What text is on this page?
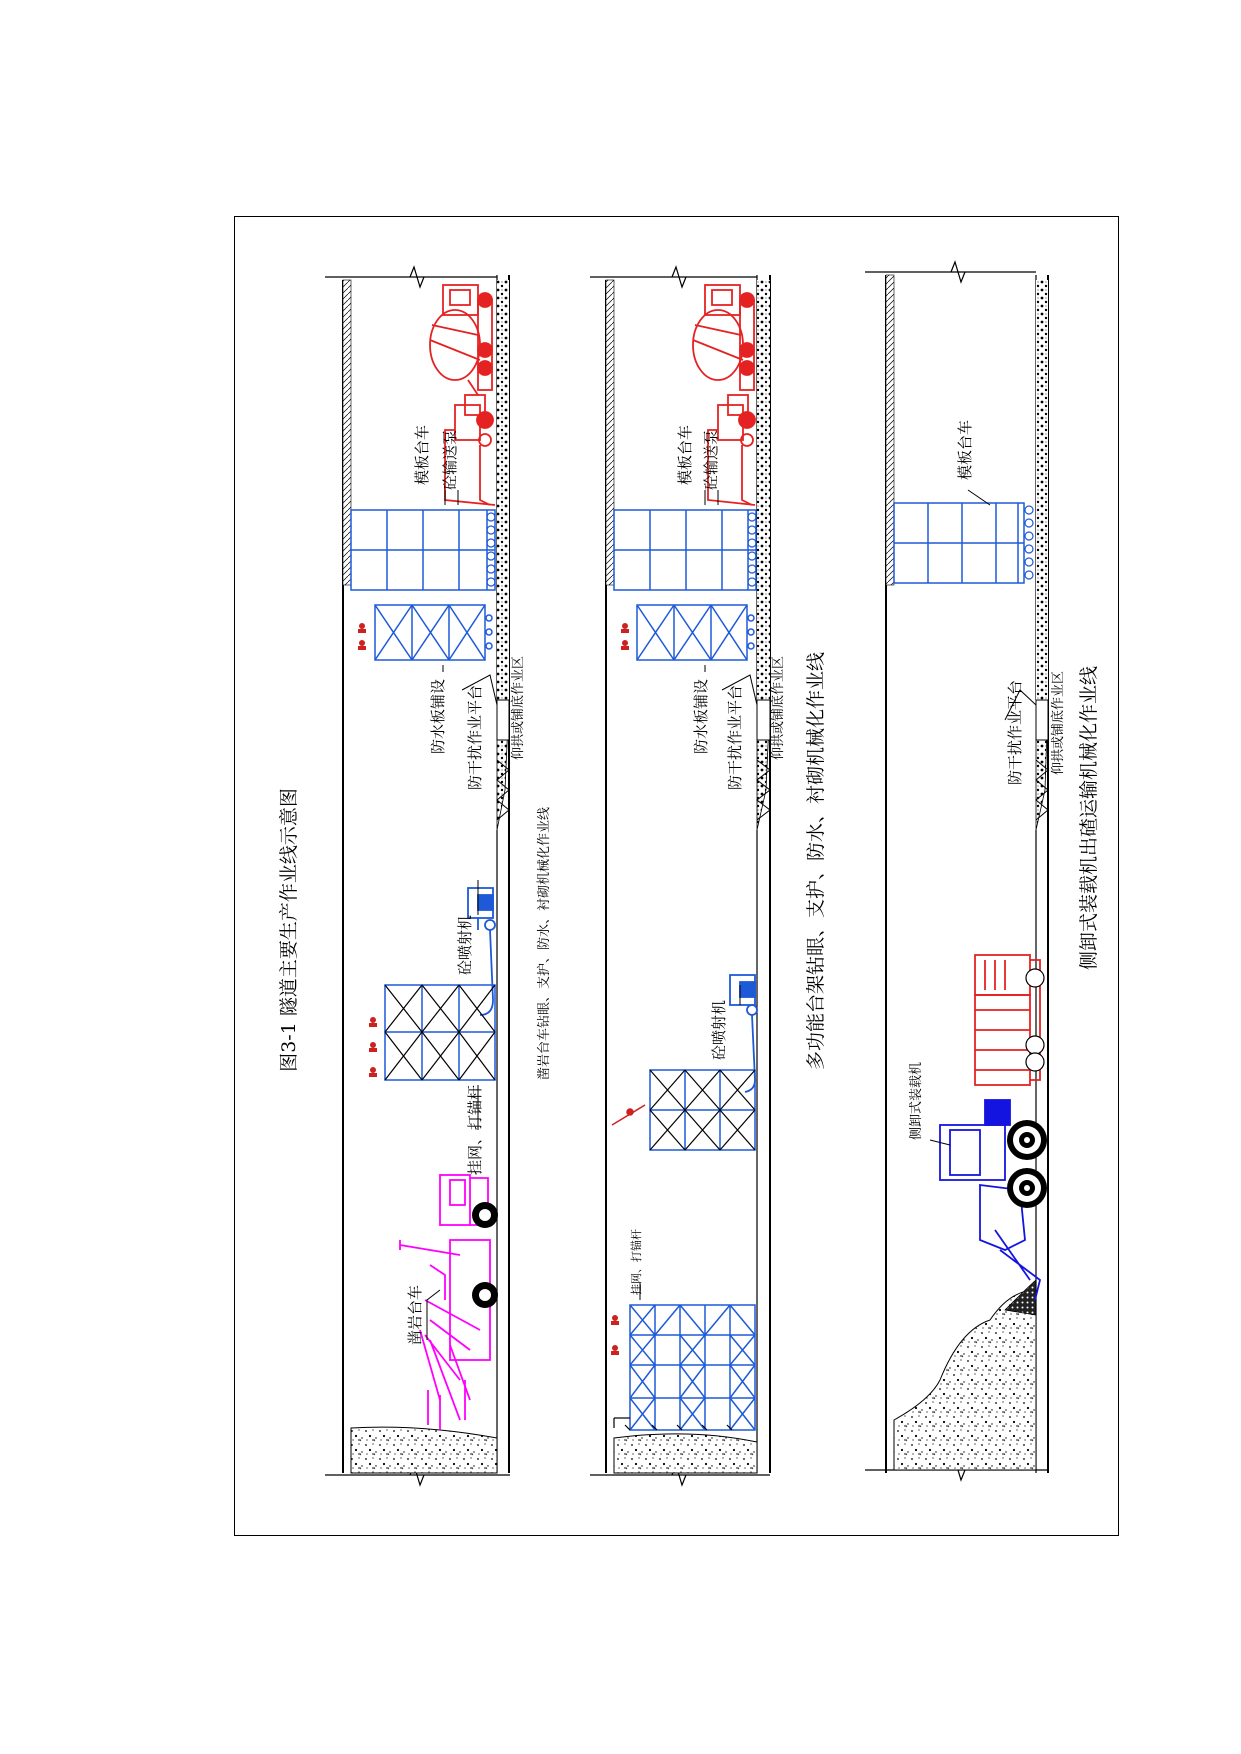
图3-1 隧道主要生产作业线示意图
模板台车 砼输送泵
防水板铺设 防干扰作业平台 仰拱或铺底作业区
砼喷射机
挂网、打锚杆
凿岩台车
凿岩台车钻眼、支护、防水、衬砌机械化作业线
模板台车 砼输送泵
防水板铺设 防干扰作业平台 仰拱或铺底作业区
砼喷射机
挂网、打锚杆
多功能台架钻眼、支护、防水、衬砌机械化作业线
模板台车
防干扰作业平台 仰拱或铺底作业区
侧卸式装载机
侧卸式装载机出碴运输机械化作业线
